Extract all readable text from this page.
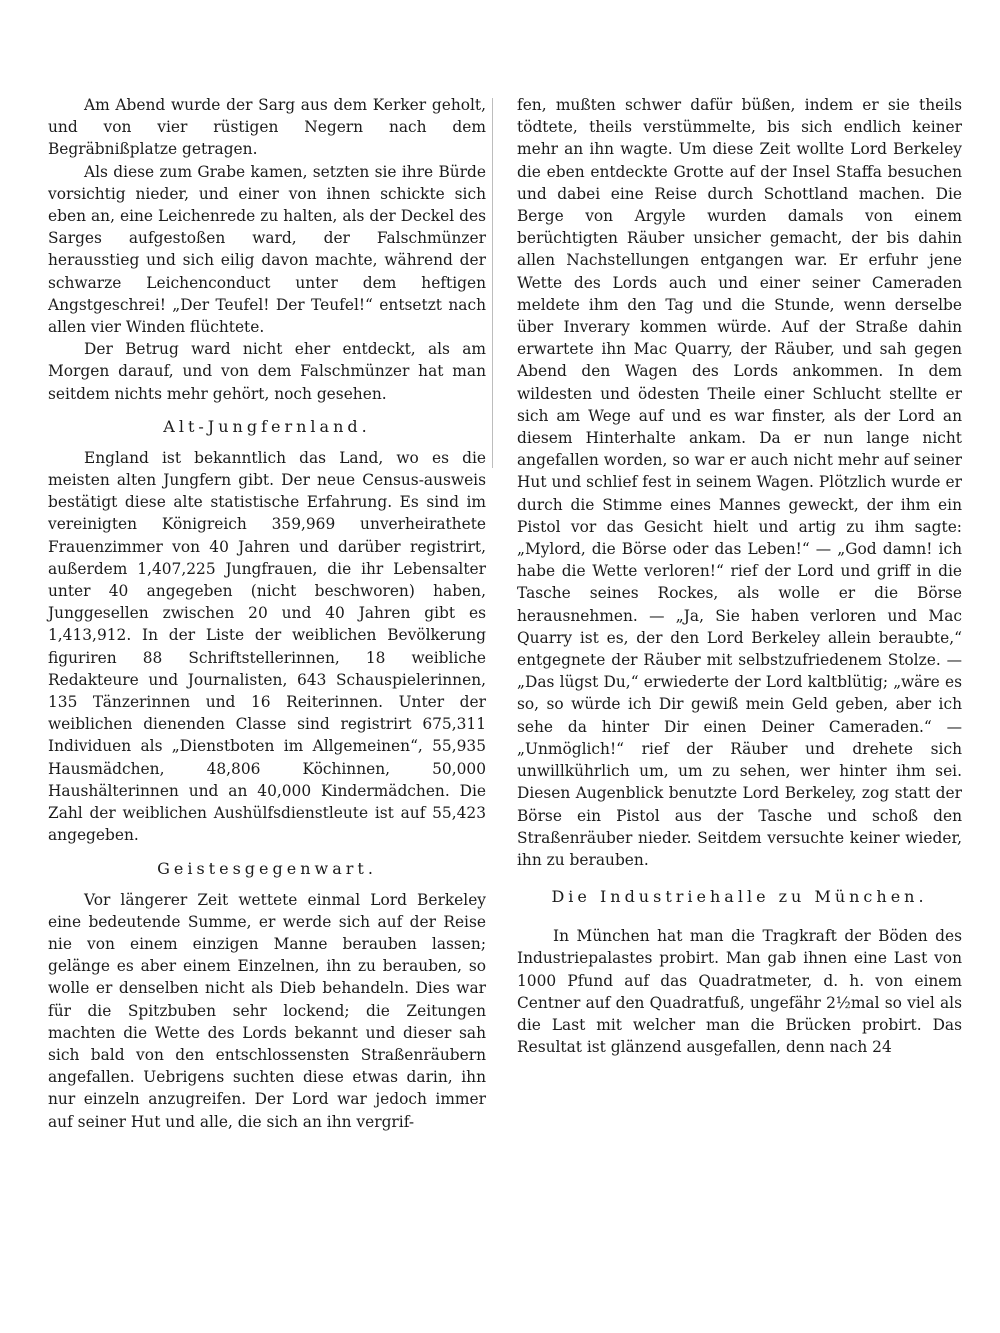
Am Abend wurde der Sarg aus dem Kerker geholt, und von vier rüstigen Negern nach dem Begräbnißplatze getragen.

Als diese zum Grabe kamen, setzten sie ihre Bürde vorsichtig nieder, und einer von ihnen schickte sich eben an, eine Leichenrede zu halten, als der Deckel des Sarges aufgestoßen ward, der Falschmünzer herausstieg und sich eilig davon machte, während der schwarze Leichenconduct unter dem heftigen Angstgeschrei! „Der Teufel! Der Teufel!“ entsetzt nach allen vier Winden flüchtete.

Der Betrug ward nicht eher entdeckt, als am Morgen darauf, und von dem Falschmünzer hat man seitdem nichts mehr gehört, noch gesehen.

Alt-Jungfernland.

England ist bekanntlich das Land, wo es die meisten alten Jungfern gibt. Der neue Census-ausweis bestätigt diese alte statistische Erfahrung. Es sind im vereinigten Königreich 359,969 unverheirathete Frauenzimmer von 40 Jahren und darüber registrirt, außerdem 1,407,225 Jungfrauen, die ihr Lebensalter unter 40 angegeben (nicht beschworen) haben, Junggesellen zwischen 20 und 40 Jahren gibt es 1,413,912. In der Liste der weiblichen Bevölkerung figuriren 88 Schriftstellerinnen, 18 weibliche Redakteure und Journalisten, 643 Schauspielerinnen, 135 Tänzerinnen und 16 Reiterinnen. Unter der weiblichen dienenden Classe sind registrirt 675,311 Individuen als „Dienstboten im Allgemeinen“, 55,935 Hausmädchen, 48,806 Köchinnen, 50,000 Haushälterinnen und an 40,000 Kindermädchen. Die Zahl der weiblichen Aushülfsdienstleute ist auf 55,423 angegeben.

Geistesgegenwart.

Vor längerer Zeit wettete einmal Lord Berkeley eine bedeutende Summe, er werde sich auf der Reise nie von einem einzigen Manne berauben lassen; gelänge es aber einem Einzelnen, ihn zu berauben, so wolle er denselben nicht als Dieb behandeln. Dies war für die Spitzbuben sehr lockend; die Zeitungen machten die Wette des Lords bekannt und dieser sah sich bald von den entschlossensten Straßenräubern angefallen. Uebrigens suchten diese etwas darin, ihn nur einzeln anzugreifen. Der Lord war jedoch immer auf seiner Hut und alle, die sich an ihn vergrif-

fen, mußten schwer dafür büßen, indem er sie theils tödtete, theils verstümmelte, bis sich endlich keiner mehr an ihn wagte. Um diese Zeit wollte Lord Berkeley die eben entdeckte Grotte auf der Insel Staffa besuchen und dabei eine Reise durch Schottland machen. Die Berge von Argyle wurden damals von einem berüchtigten Räuber unsicher gemacht, der bis dahin allen Nachstellungen entgangen war. Er erfuhr jene Wette des Lords auch und einer seiner Cameraden meldete ihm den Tag und die Stunde, wenn derselbe über Inverary kommen würde. Auf der Straße dahin erwartete ihn Mac Quarry, der Räuber, und sah gegen Abend den Wagen des Lords ankommen. In dem wildesten und ödesten Theile einer Schlucht stellte er sich am Wege auf und es war finster, als der Lord an diesem Hinterhalte ankam. Da er nun lange nicht angefallen worden, so war er auch nicht mehr auf seiner Hut und schlief fest in seinem Wagen. Plötzlich wurde er durch die Stimme eines Mannes geweckt, der ihm ein Pistol vor das Gesicht hielt und artig zu ihm sagte: „Mylord, die Börse oder das Leben!“ — „God damn! ich habe die Wette verloren!“ rief der Lord und griff in die Tasche seines Rockes, als wolle er die Börse herausnehmen. — „Ja, Sie haben verloren und Mac Quarry ist es, der den Lord Berkeley allein beraubte,“ entgegnete der Räuber mit selbstzufriedenem Stolze. — „Das lügst Du,“ erwiederte der Lord kaltblütig; „wäre es so, so würde ich Dir gewiß mein Geld geben, aber ich sehe da hinter Dir einen Deiner Cameraden.“ — „Unmöglich!“ rief der Räuber und drehete sich unwillkührlich um, um zu sehen, wer hinter ihm sei. Diesen Augenblick benutzte Lord Berkeley, zog statt der Börse ein Pistol aus der Tasche und schoß den Straßenräuber nieder. Seitdem versuchte keiner wieder, ihn zu berauben.

Die Industriehalle zu München.

In München hat man die Tragkraft der Böden des Industriepalastes probirt. Man gab ihnen eine Last von 1000 Pfund auf das Quadratmeter, d. h. von einem Centner auf den Quadratfuß, ungefähr 2½mal so viel als die Last mit welcher man die Brücken probirt. Das Resultat ist glänzend ausgefallen, denn nach 24
